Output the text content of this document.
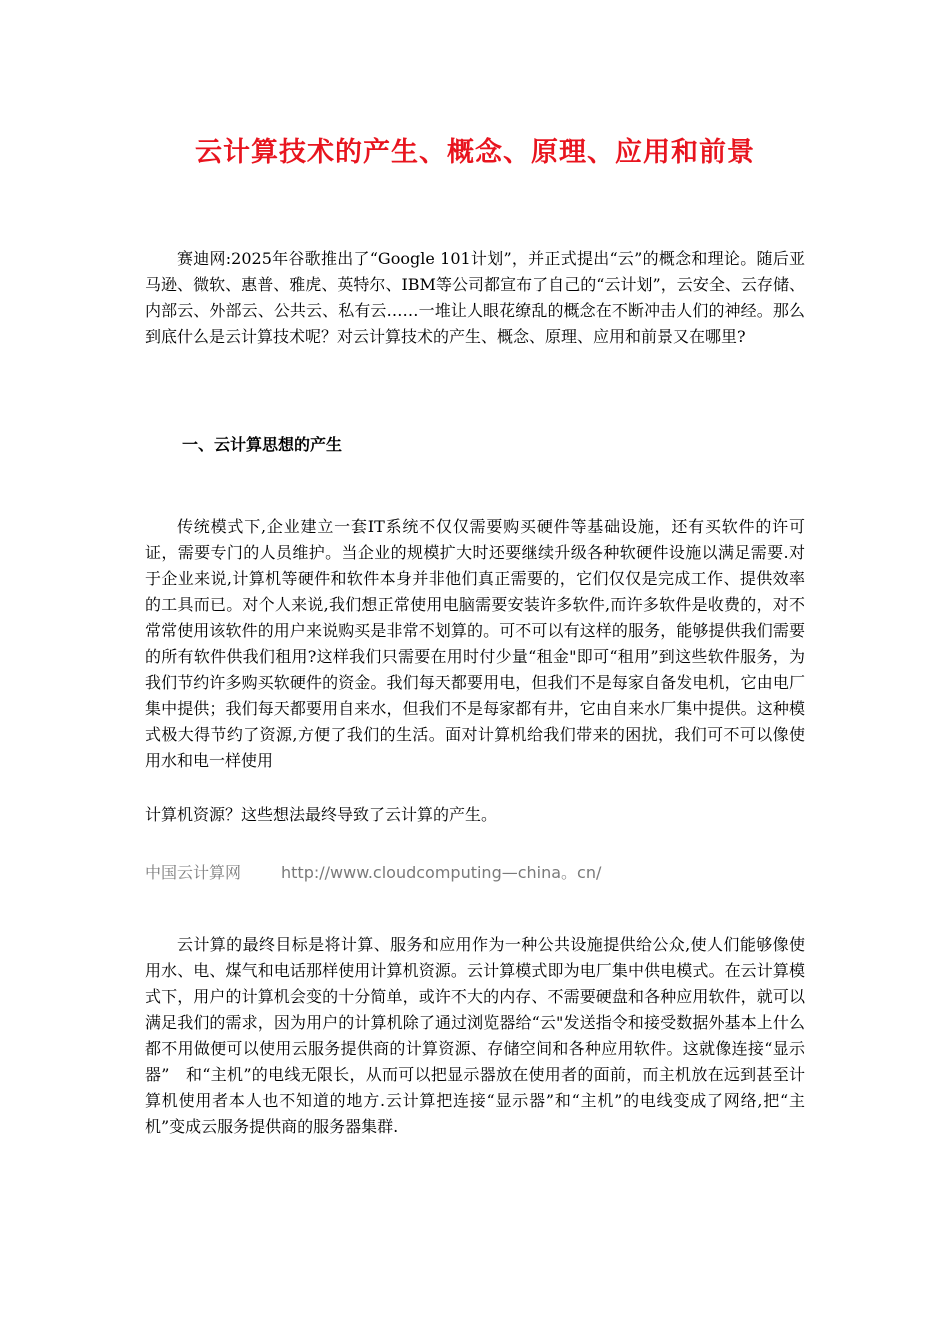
云计算技术的产生、概念、原理、应用和前景

赛迪网:2025年谷歌推出了“Google 101计划”，并正式提出“云”的概念和理论。随后亚马逊、微软、惠普、雅虎、英特尔、IBM等公司都宣布了自己的“云计划”，云安全、云存储、内部云、外部云、公共云、私有云……一堆让人眼花缭乱的概念在不断冲击人们的神经。那么到底什么是云计算技术呢？对云计算技术的产生、概念、原理、应用和前景又在哪里?

一、云计算思想的产生

传统模式下,企业建立一套IT系统不仅仅需要购买硬件等基础设施，还有买软件的许可证，需要专门的人员维护。当企业的规模扩大时还要继续升级各种软硬件设施以满足需要.对于企业来说,计算机等硬件和软件本身并非他们真正需要的，它们仅仅是完成工作、提供效率的工具而已。对个人来说,我们想正常使用电脑需要安装许多软件,而许多软件是收费的，对不常常使用该软件的用户来说购买是非常不划算的。可不可以有这样的服务，能够提供我们需要的所有软件供我们租用?这样我们只需要在用时付少量“租金"即可“租用”到这些软件服务，为我们节约许多购买软硬件的资金。我们每天都要用电，但我们不是每家自备发电机，它由电厂集中提供；我们每天都要用自来水，但我们不是每家都有井，它由自来水厂集中提供。这种模式极大得节约了资源,方便了我们的生活。面对计算机给我们带来的困扰，我们可不可以像使用水和电一样使用

计算机资源？这些想法最终导致了云计算的产生。

中国云计算网	http://www.cloudcomputing—china。cn/

云计算的最终目标是将计算、服务和应用作为一种公共设施提供给公众,使人们能够像使用水、电、煤气和电话那样使用计算机资源。云计算模式即为电厂集中供电模式。在云计算模式下，用户的计算机会变的十分简单，或许不大的内存、不需要硬盘和各种应用软件，就可以满足我们的需求，因为用户的计算机除了通过浏览器给“云"发送指令和接受数据外基本上什么都不用做便可以使用云服务提供商的计算资源、存储空间和各种应用软件。这就像连接“显示器”　和“主机”的电线无限长，从而可以把显示器放在使用者的面前，而主机放在远到甚至计算机使用者本人也不知道的地方.云计算把连接“显示器”和“主机”的电线变成了网络,把“主机”变成云服务提供商的服务器集群.
